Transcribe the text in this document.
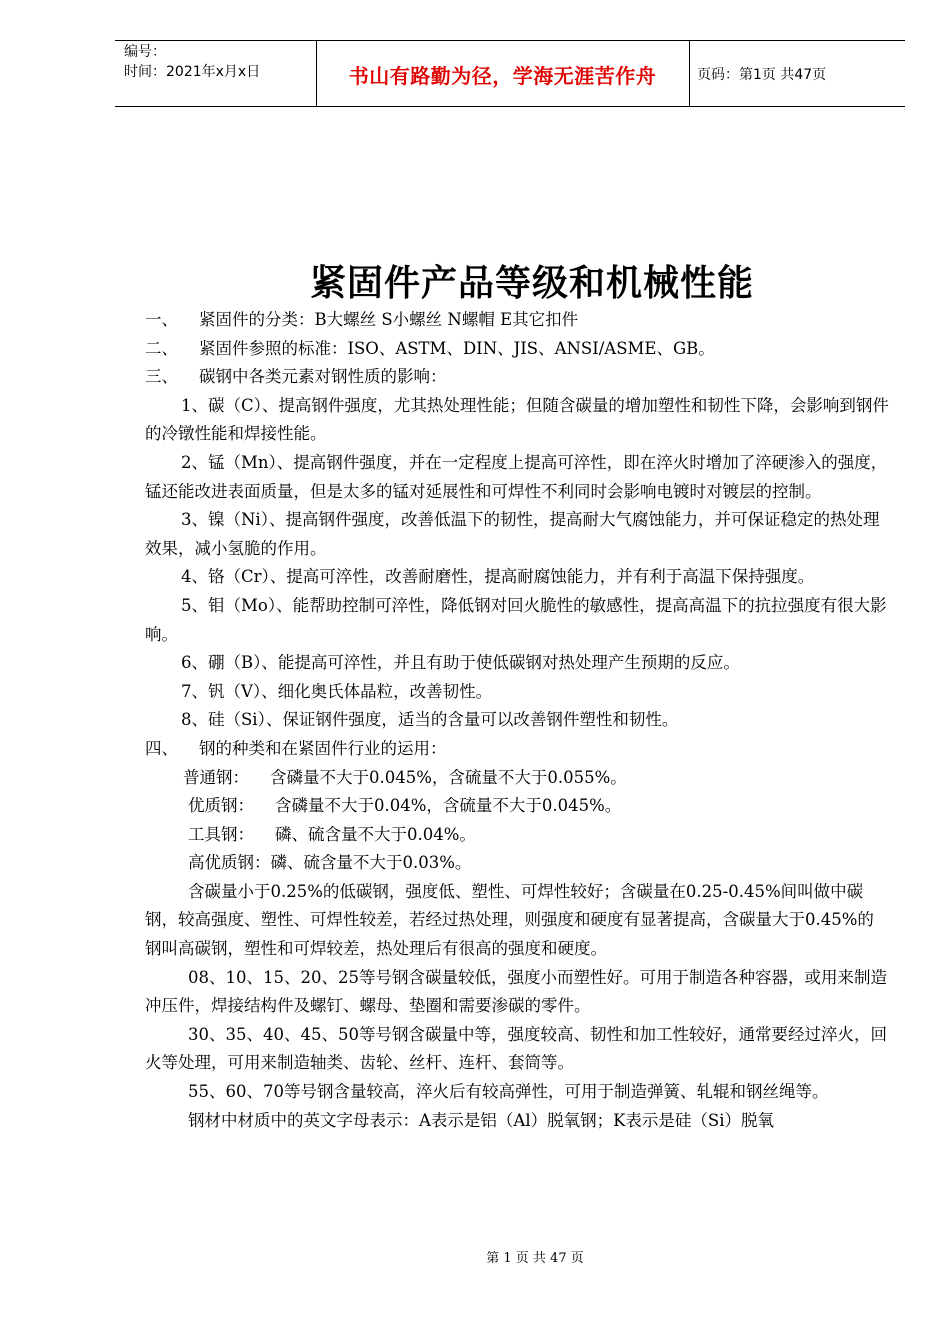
编号：
时间：2021年x月x日	书山有路勤为径，学海无涯苦作舟	页码：第1页 共47页
紧固件产品等级和机械性能

一、    紧固件的分类：B大螺丝 S小螺丝 N螺帽 E其它扣件

二、    紧固件参照的标准：ISO、ASTM、DIN、JIS、ANSI/ASME、GB。

三、    碳钢中各类元素对钢性质的影响：

1、碳（C）、提高钢件强度，尤其热处理性能；但随含碳量的增加塑性和韧性下降，会影响到钢件的冷镦性能和焊接性能。

2、锰（Mn）、提高钢件强度，并在一定程度上提高可淬性，即在淬火时增加了淬硬渗入的强度，锰还能改进表面质量，但是太多的锰对延展性和可焊性不利同时会影响电镀时对镀层的控制。

3、镍（Ni）、提高钢件强度，改善低温下的韧性，提高耐大气腐蚀能力，并可保证稳定的热处理效果，减小氢脆的作用。

4、铬（Cr）、提高可淬性，改善耐磨性，提高耐腐蚀能力，并有利于高温下保持强度。

5、钼（Mo）、能帮助控制可淬性，降低钢对回火脆性的敏感性，提高高温下的抗拉强度有很大影响。

6、硼（B）、能提高可淬性，并且有助于使低碳钢对热处理产生预期的反应。

7、钒（V）、细化奥氏体晶粒，改善韧性。

8、硅（Si）、保证钢件强度，适当的含量可以改善钢件塑性和韧性。

四、    钢的种类和在紧固件行业的运用：

普通钢：    含磷量不大于0.045%，含硫量不大于0.055%。

优质钢：    含磷量不大于0.04%，含硫量不大于0.045%。

工具钢：    磷、硫含量不大于0.04%。

高优质钢：磷、硫含量不大于0.03%。

含碳量小于0.25%的低碳钢，强度低、塑性、可焊性较好；含碳量在0.25-0.45%间叫做中碳钢，较高强度、塑性、可焊性较差，若经过热处理，则强度和硬度有显著提高，含碳量大于0.45%的钢叫高碳钢，塑性和可焊较差，热处理后有很高的强度和硬度。

08、10、15、20、25等号钢含碳量较低，强度小而塑性好。可用于制造各种容器，或用来制造冲压件，焊接结构件及螺钉、螺母、垫圈和需要渗碳的零件。

30、35、40、45、50等号钢含碳量中等，强度较高、韧性和加工性较好，通常要经过淬火，回火等处理，可用来制造轴类、齿轮、丝杆、连杆、套筒等。

55、60、70等号钢含量较高，淬火后有较高弹性，可用于制造弹簧、轧辊和钢丝绳等。

钢材中材质中的英文字母表示：A表示是铝（Al）脱氧钢；K表示是硅（Si）脱氧

第 1 页 共 47 页
